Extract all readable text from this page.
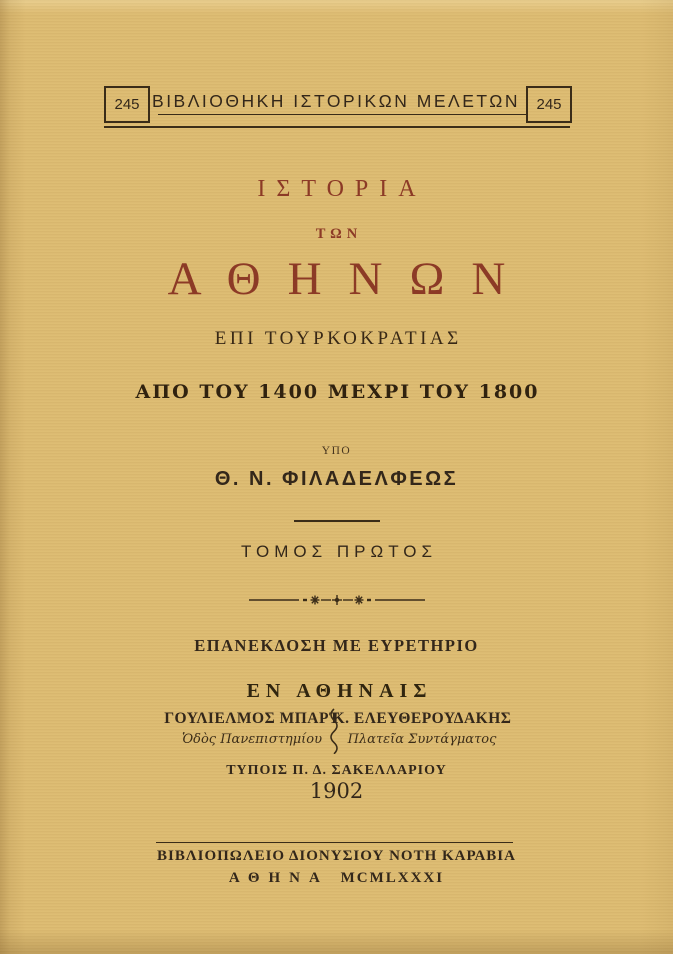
245 ΒΙΒΛΙΟΘΗΚΗ ΙΣΤΟΡΙΚΩΝ ΜΕΛΕΤΩΝ	245
ΙΣΤΟΡΙΑ
ΤΩΝ
ΑΘΗΝΩΝ
ΕΠΙ ΤΟΥΡΚΟΚΡΑΤΙΑΣ
ΑΠΟ ΤΟΥ 1400 ΜΕΧΡΙ ΤΟΥ 1800
ΥΠΟ
Θ. Ν. ΦΙΛΑΔΕΛΦΕΩΣ
ΤΟΜΟΣ ΠΡΩΤΟΣ
ΕΠΑΝΕΚΔΟΣΗ ΜΕ ΕΥΡΕΤΗΡΙΟ
ΕΝ ΑΘΗΝΑΙΣ
ΓΟΥΛΙΕΛΜΟΣ ΜΠΑΡΤ
Ὁδὸς Πανεπιστημίου
Κ. ΕΛΕΥΘΕΡΟΥΔΑΚΗΣ
Πλατεῖα Συντάγματος
ΤΥΠΟΙΣ Π. Δ. ΣΑΚΕΛΛΑΡΙΟΥ
1902
ΒΙΒΛΙΟΠΩΛΕΙΟ ΔΙΟΝΥΣΙΟΥ ΝΟΤΗ ΚΑΡΑΒΙΑ
ΑΘΗΝΑ MCMLXXXI
